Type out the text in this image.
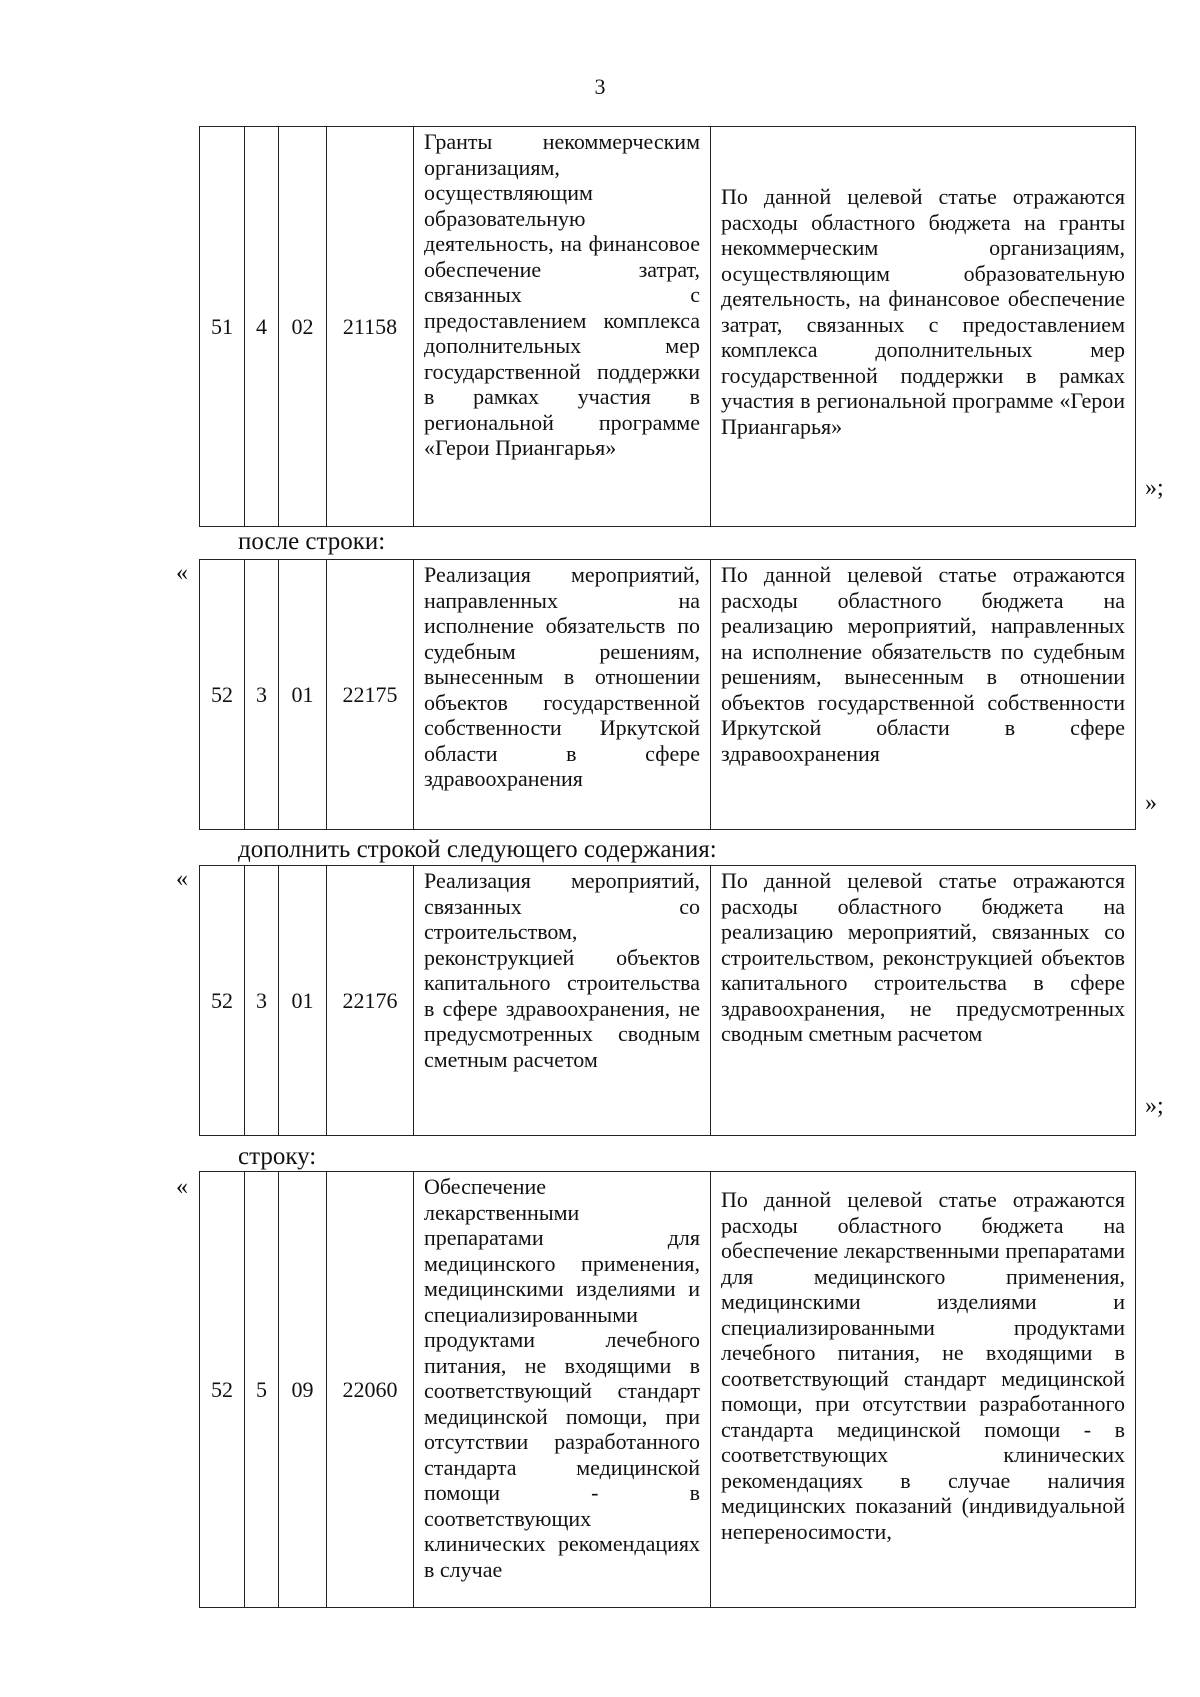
3
51	4	02	21158
Гранты некоммерческим организациям, осуществляющим образовательную деятельность, на финансовое обеспечение затрат, связанных с предоставлением комплекса дополнительных мер государственной поддержки в рамках участия в региональной программе «Герои Приангарья»
По данной целевой статье отражаются расходы областного бюджета на гранты некоммерческим организациям, осуществляющим образовательную деятельность, на финансовое обеспечение затрат, связанных с предоставлением комплекса дополнительных мер государственной поддержки в рамках участия в региональной программе «Герои Приангарья»
»;
после строки:
«
52	3	01	22175
Реализация мероприятий, направленных на исполнение обязательств по судебным решениям, вынесенным в отношении объектов государственной собственности Иркутской области в сфере здравоохранения
По данной целевой статье отражаются расходы областного бюджета на реализацию мероприятий, направленных на исполнение обязательств по судебным решениям, вынесенным в отношении объектов государственной собственности Иркутской области в сфере здравоохранения
»
дополнить строкой следующего содержания:
«
52	3	01	22176
Реализация мероприятий, связанных со строительством, реконструкцией объектов капитального строительства в сфере здравоохранения, не предусмотренных сводным сметным расчетом
По данной целевой статье отражаются расходы областного бюджета на реализацию мероприятий, связанных со строительством, реконструкцией объектов капитального строительства в сфере здравоохранения, не предусмотренных сводным сметным расчетом
»;
строку:
«
52	5	09	22060
Обеспечение лекарственными препаратами для медицинского применения, медицинскими изделиями и специализированными продуктами лечебного питания, не входящими в соответствующий стандарт медицинской помощи, при отсутствии разработанного стандарта медицинской помощи - в соответствующих клинических рекомендациях в случае
По данной целевой статье отражаются расходы областного бюджета на обеспечение лекарственными препаратами для медицинского применения, медицинскими изделиями и специализированными продуктами лечебного питания, не входящими в соответствующий стандарт медицинской помощи, при отсутствии разработанного стандарта медицинской помощи - в соответствующих клинических рекомендациях в случае наличия медицинских показаний (индивидуальной непереносимости,
